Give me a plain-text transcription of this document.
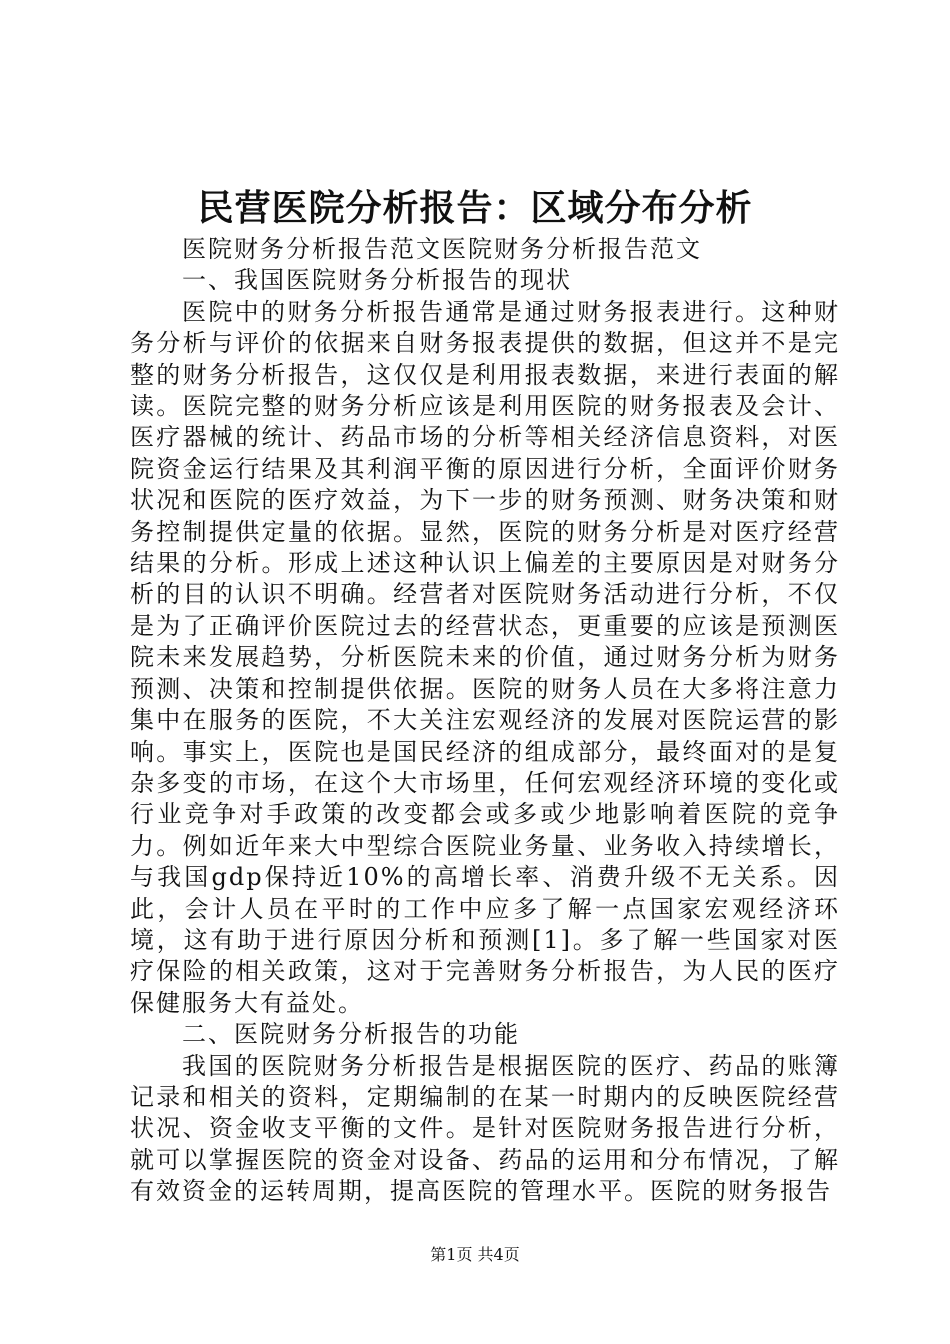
民营医院分析报告：区域分布分析

医院财务分析报告范文医院财务分析报告范文

一、我国医院财务分析报告的现状

医院中的财务分析报告通常是通过财务报表进行。这种财务分析与评价的依据来自财务报表提供的数据，但这并不是完整的财务分析报告，这仅仅是利用报表数据，来进行表面的解读。医院完整的财务分析应该是利用医院的财务报表及会计、医疗器械的统计、药品市场的分析等相关经济信息资料，对医院资金运行结果及其利润平衡的原因进行分析，全面评价财务状况和医院的医疗效益，为下一步的财务预测、财务决策和财务控制提供定量的依据。显然，医院的财务分析是对医疗经营结果的分析。形成上述这种认识上偏差的主要原因是对财务分析的目的认识不明确。经营者对医院财务活动进行分析，不仅是为了正确评价医院过去的经营状态，更重要的应该是预测医院未来发展趋势，分析医院未来的价值，通过财务分析为财务预测、决策和控制提供依据。医院的财务人员在大多将注意力集中在服务的医院，不大关注宏观经济的发展对医院运营的影响。事实上，医院也是国民经济的组成部分，最终面对的是复杂多变的市场，在这个大市场里，任何宏观经济环境的变化或行业竞争对手政策的改变都会或多或少地影响着医院的竞争力。例如近年来大中型综合医院业务量、业务收入持续增长，与我国gdp保持近10%的高增长率、消费升级不无关系。因此，会计人员在平时的工作中应多了解一点国家宏观经济环境，这有助于进行原因分析和预测[1]。多了解一些国家对医疗保险的相关政策，这对于完善财务分析报告，为人民的医疗保健服务大有益处。

二、医院财务分析报告的功能

我国的医院财务分析报告是根据医院的医疗、药品的账簿记录和相关的资料，定期编制的在某一时期内的反映医院经营状况、资金收支平衡的文件。是针对医院财务报告进行分析，就可以掌握医院的资金对设备、药品的运用和分布情况，了解有效资金的运转周期，提高医院的管理水平。医院的财务报告

第1页 共4页
